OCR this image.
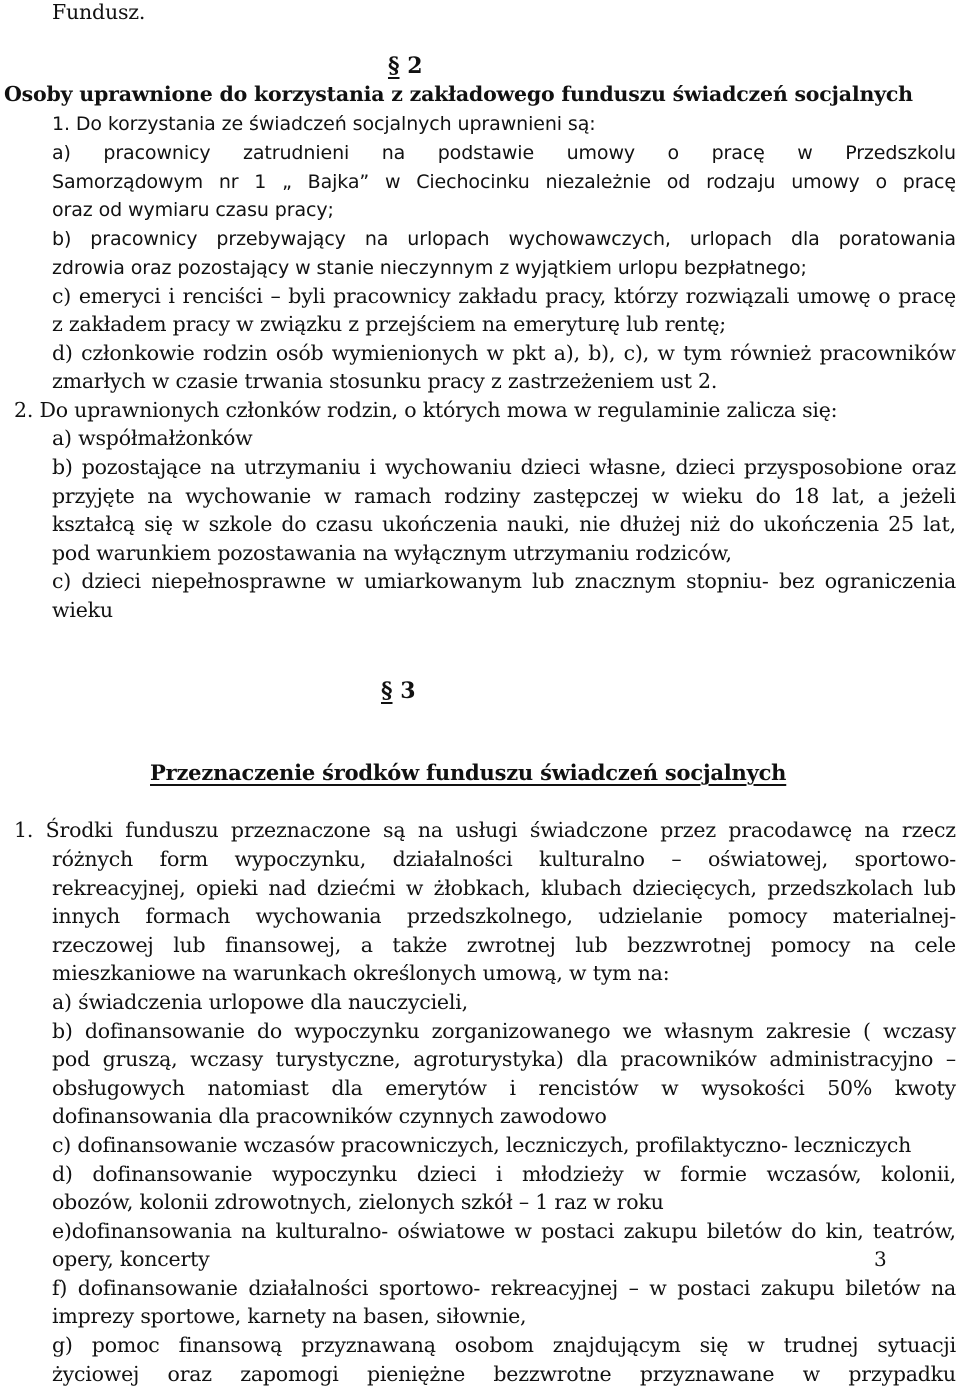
Fundusz.
§ 2
Osoby uprawnione do korzystania z zakładowego funduszu świadczeń socjalnych
1. Do korzystania ze świadczeń socjalnych uprawnieni są:
a) pracownicy zatrudnieni na podstawie umowy o pracę w Przedszkolu
Samorządowym nr 1 „ Bajka” w Ciechocinku niezależnie od rodzaju umowy o pracę
oraz od wymiaru czasu pracy;
b) pracownicy przebywający na urlopach wychowawczych, urlopach dla poratowania
zdrowia oraz pozostający w stanie nieczynnym z wyjątkiem urlopu bezpłatnego;
c) emeryci i renciści – byli pracownicy zakładu pracy, którzy rozwiązali umowę o pracę
z zakładem pracy w związku z przejściem na emeryturę lub rentę;
d) członkowie rodzin osób wymienionych w pkt a), b), c), w tym również pracowników
zmarłych w czasie trwania stosunku pracy z zastrzeżeniem ust 2.
2. Do uprawnionych członków rodzin, o których mowa w regulaminie zalicza się:
a) współmałżonków
b) pozostające na utrzymaniu i wychowaniu dzieci własne, dzieci przysposobione oraz
przyjęte na wychowanie w ramach rodziny zastępczej w wieku do 18 lat, a jeżeli
kształcą się w szkole do czasu ukończenia nauki, nie dłużej niż do ukończenia 25 lat,
pod warunkiem pozostawania na wyłącznym utrzymaniu rodziców,
c) dzieci niepełnosprawne w umiarkowanym lub znacznym stopniu- bez ograniczenia
wieku
§ 3
Przeznaczenie środków funduszu świadczeń socjalnych
1. Środki funduszu przeznaczone są na usługi świadczone przez pracodawcę na rzecz
różnych form wypoczynku, działalności kulturalno – oświatowej, sportowo-
rekreacyjnej, opieki nad dziećmi w żłobkach, klubach dziecięcych, przedszkolach lub
innych formach wychowania przedszkolnego, udzielanie pomocy materialnej-
rzeczowej lub finansowej, a także zwrotnej lub bezzwrotnej pomocy na cele
mieszkaniowe na warunkach określonych umową, w tym na:
a) świadczenia urlopowe dla nauczycieli,
b) dofinansowanie do wypoczynku zorganizowanego we własnym zakresie ( wczasy
pod gruszą, wczasy turystyczne, agroturystyka) dla pracowników administracyjno –
obsługowych natomiast dla emerytów i rencistów w wysokości 50% kwoty
dofinansowania dla pracowników czynnych zawodowo
c) dofinansowanie wczasów pracowniczych, leczniczych, profilaktyczno- leczniczych
d) dofinansowanie wypoczynku dzieci i młodzieży w formie wczasów, kolonii,
obozów, kolonii zdrowotnych, zielonych szkół – 1 raz w roku
e)dofinansowania na kulturalno- oświatowe w postaci zakupu biletów do kin, teatrów,
opery, koncerty
f) dofinansowanie działalności sportowo- rekreacyjnej – w postaci zakupu biletów na
imprezy sportowe, karnety na basen, siłownie,
g) pomoc finansową przyznawaną osobom znajdującym się w trudnej sytuacji
życiowej oraz zapomogi pieniężne bezzwrotne przyznawane w przypadku
3
